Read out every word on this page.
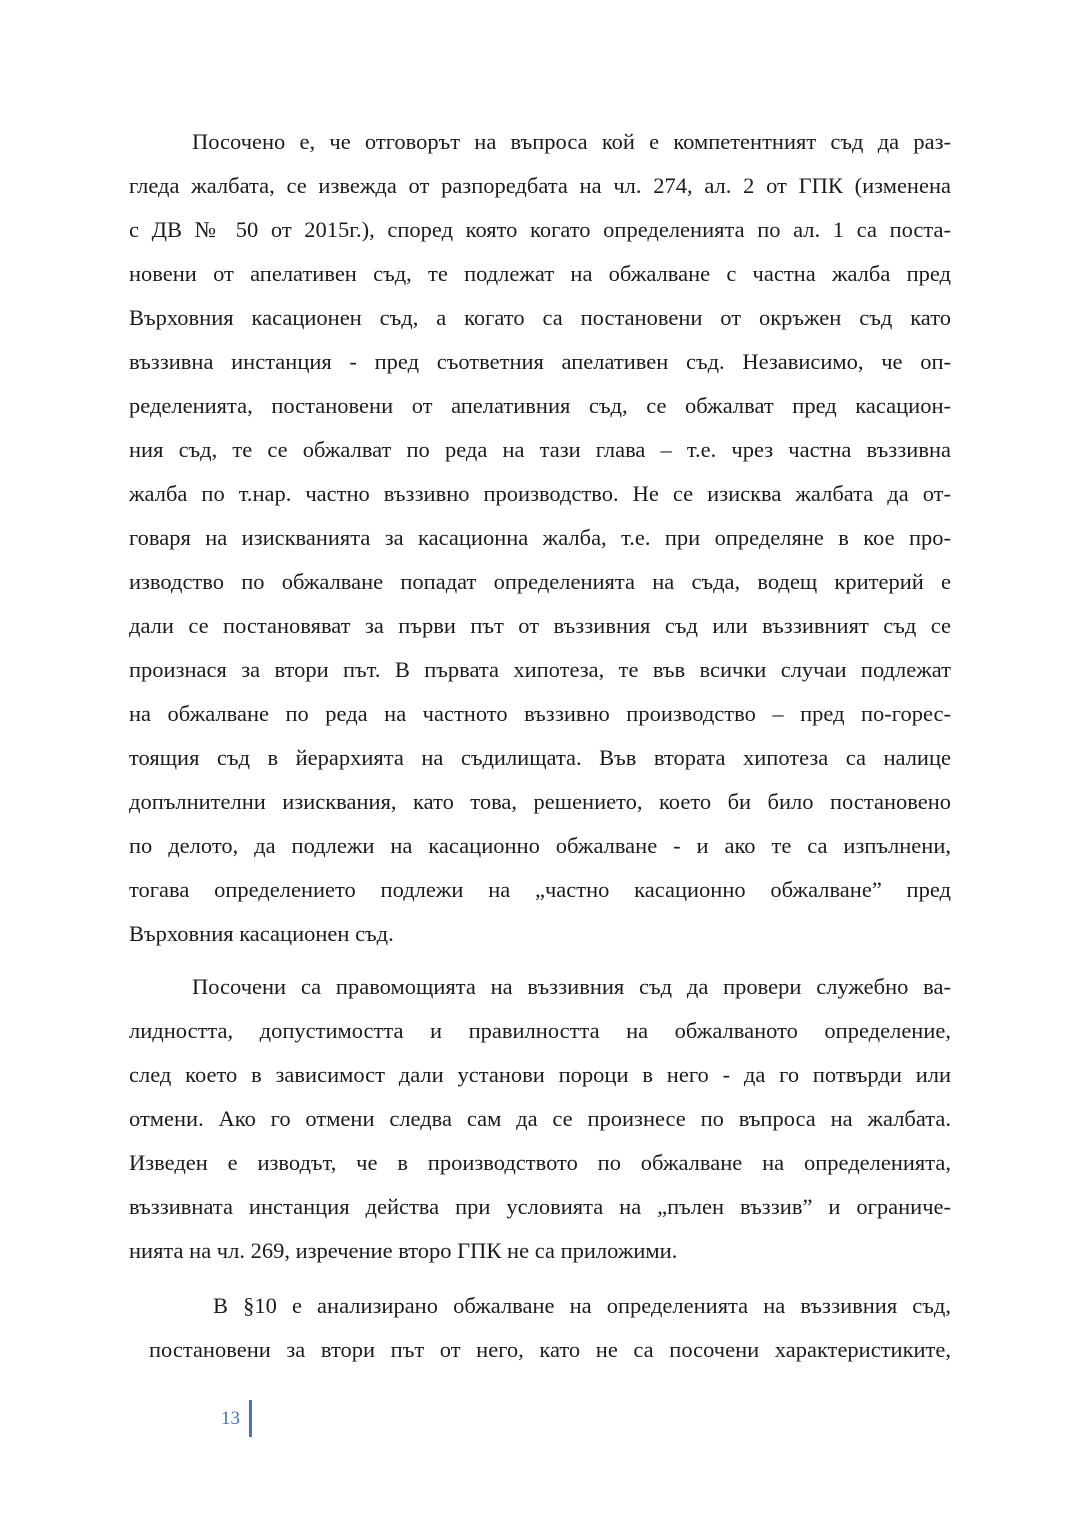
Посочено е, че отговорът на въпроса кой е компетентният съд да раз-
гледа жалбата, се извежда от разпоредбата на чл. 274, ал. 2 от ГПК (изменена
с ДВ № 50 от 2015г.), според която когато определенията по ал. 1 са поста-
новени от апелативен съд, те подлежат на обжалване с частна жалба пред
Върховния касационен съд, а когато са постановени от окръжен съд като
въззивна инстанция - пред съответния апелативен съд. Независимо, че оп-
ределенията, постановени от апелативния съд, се обжалват пред касацион-
ния съд, те се обжалват по реда на тази глава – т.е. чрез частна въззивна
жалба по т.нар. частно въззивно производство. Не се изисква жалбата да от-
говаря на изискванията за касационна жалба, т.е. при определяне в кое про-
изводство по обжалване попадат определенията на съда, водещ критерий е
дали се постановяват за първи път от въззивния съд или въззивният съд се
произнася за втори път. В първата хипотеза, те във всички случаи подлежат
на обжалване по реда на частното въззивно производство – пред по-горес-
тоящия съд в йерархията на съдилищата. Във втората хипотеза са налице
допълнителни изисквания, като това, решението, което би било постановено
по делото, да подлежи на касационно обжалване - и ако те са изпълнени,
тогава определението подлежи на „частно касационно обжалване” пред
Върховния касационен съд.
Посочени са правомощията на въззивния съд да провери служебно ва-
лидността, допустимостта и правилността на обжалваното определение,
след което в зависимост дали установи пороци в него - да го потвърди или
отмени. Ако го отмени следва сам да се произнесе по въпроса на жалбата.
Изведен е изводът, че в производството по обжалване на определенията,
въззивната инстанция действа при условията на „пълен въззив” и ограниче-
нията на чл. 269, изречение второ ГПК не са приложими.
В §10 е анализирано обжалване на определенията на въззивния съд,
постановени за втори път от него, като не са посочени характеристиките,
13
